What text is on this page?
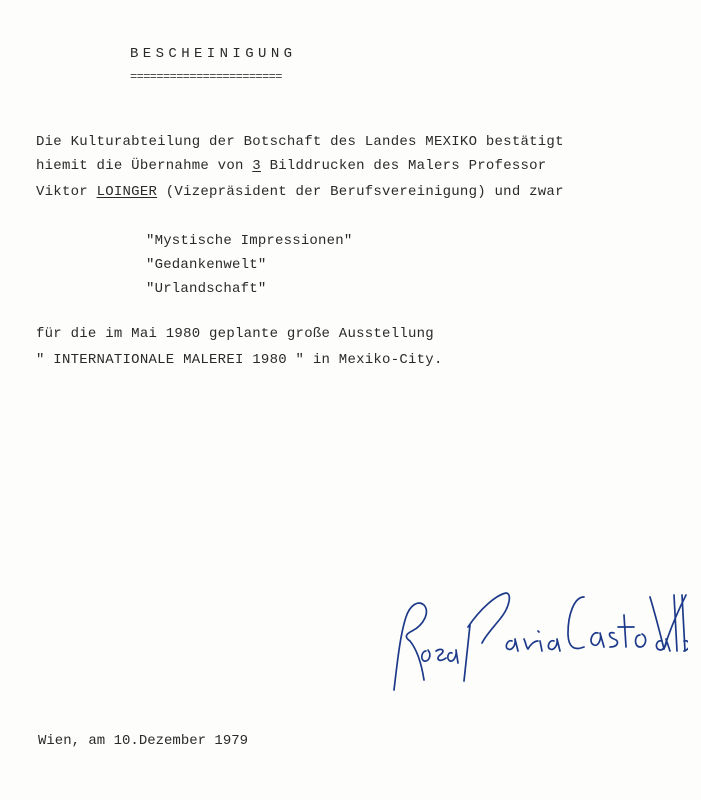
BESCHEINIGUNG
=======================
Die Kulturabteilung der Botschaft des Landes MEXIKO bestätigt
hiemit die Übernahme von 3 Bilddrucken des Malers Professor
Viktor LOINGER (Vizepräsident der Berufsvereinigung) und zwar
"Mystische Impressionen"
"Gedankenwelt"
"Urlandschaft"
für die im Mai 1980 geplante große Ausstellung
" INTERNATIONALE MALEREI 1980 " in Mexiko-City.
Wien, am 10.Dezember 1979
